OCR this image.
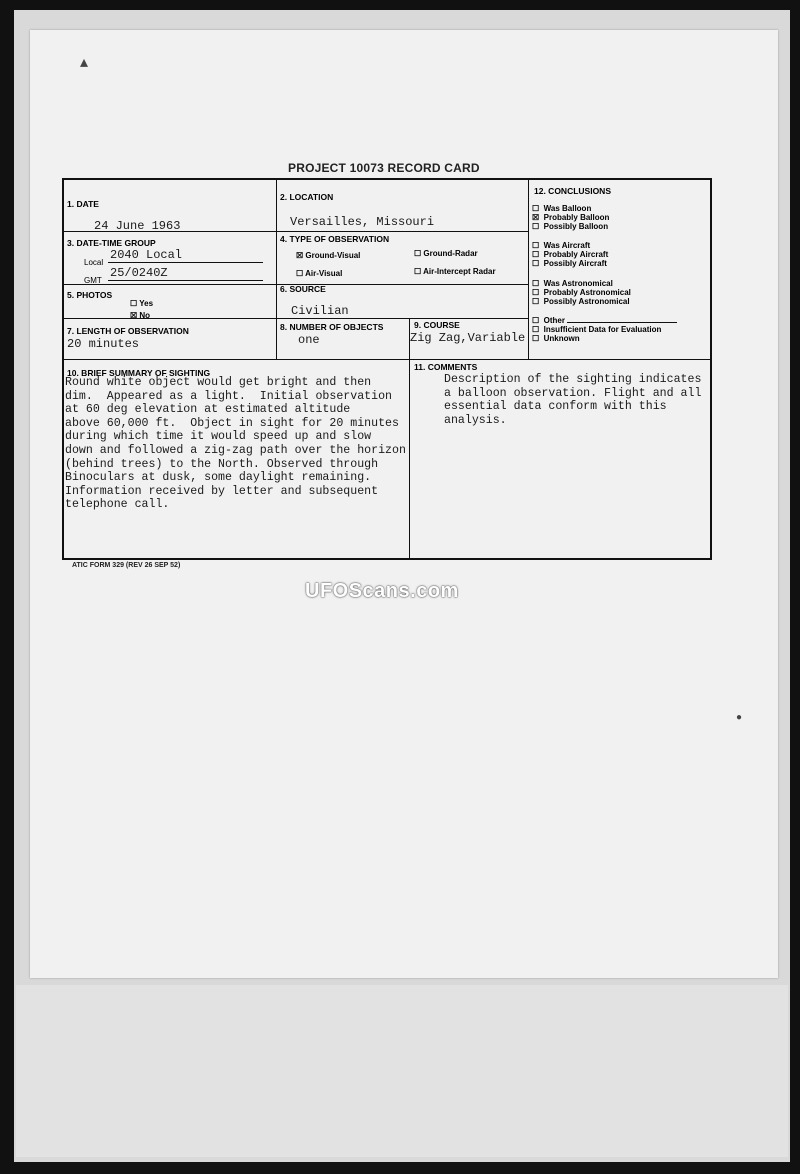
▴
PROJECT 10073 RECORD CARD
1. DATE
24 June 1963
2. LOCATION
Versailles, Missouri
3. DATE-TIME GROUP
Local
2040 Local
GMT
25/0240Z
4. TYPE OF OBSERVATION
☒ Ground-Visual	☐ Ground-Radar
☐ Air-Visual	☐ Air-Intercept Radar
5. PHOTOS
☐ Yes
☒ No
6. SOURCE
Civilian
7. LENGTH OF OBSERVATION
20 minutes
8. NUMBER OF OBJECTS
one
9. COURSE
Zig Zag,Variable
10. BRIEF SUMMARY OF SIGHTING
Round white object would get bright and then
dim.  Appeared as a light.  Initial observation
at 60 deg elevation at estimated altitude
above 60,000 ft.  Object in sight for 20 minutes
during which time it would speed up and slow
down and followed a zig-zag path over the horizon
(behind trees) to the North. Observed through
Binoculars at dusk, some daylight remaining.
Information received by letter and subsequent
telephone call.
11. COMMENTS
Description of the sighting indicates
a balloon observation. Flight and all
essential data conform with this
analysis.
12. CONCLUSIONS
☐ Was Balloon
☒ Probably Balloon
☐ Possibly Balloon
☐ Was Aircraft
☐ Probably Aircraft
☐ Possibly Aircraft
☐ Was Astronomical
☐ Probably Astronomical
☐ Possibly Astronomical
☐ Other
☐ Insufficient Data for Evaluation
☐ Unknown
ATIC FORM 329 (REV 26 SEP 52)
UFOScans.com
●
